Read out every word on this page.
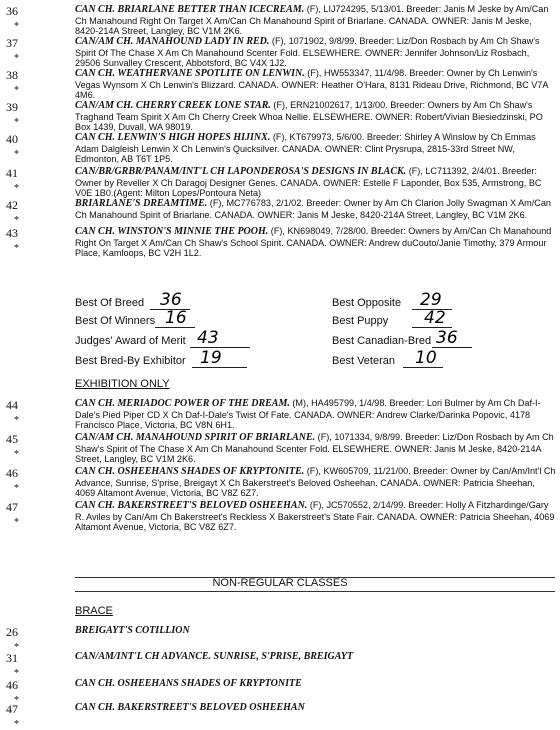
36
*
CAN CH. BRIARLANE BETTER THAN ICECREAM. (F), LIJ724295, 5/13/01. Breeder: Janis M Jeske by Am/Can Ch Manahound Right On Target X Am/Can Ch Manahound Spirit of Briarlane. CANADA. OWNER: Janis M Jeske, 8420-214A Street, Langley, BC V1M 2K6.
37
*
CAN/AM CH. MANAHOUND LADY IN RED. (F), 1071902, 9/8/99. Breeder: Liz/Don Rosbach by Am Ch Shaw's Spirit Of The Chase X Am Ch Manahound Scenter Fold. ELSEWHERE. OWNER: Jennifer Johnson/Liz Rosbach, 29506 Sunvalley Crescent, Abbotsford, BC V4X 1J2.
38
*
CAN CH. WEATHERVANE SPOTLITE ON LENWIN. (F), HW553347, 11/4/98. Breeder: Owner by Ch Lenwin's Vegas Wynsom X Ch Lenwin's Blizzard. CANADA. OWNER: Heather O'Hara, 8131 Rideau Drive, Richmond, BC V7A 4M6.
39
*
CAN/AM CH. CHERRY CREEK LONE STAR. (F), ERN21002617, 1/13/00. Breeder: Owners by Am Ch Shaw's Traghand Team Spirit X Am Ch Cherry Creek Whoa Nellie. ELSEWHERE. OWNER: Robert/Vivian Biesiedzinski, PO Box 1439, Duvall, WA 98019.
40
*
CAN CH. LENWIN'S HIGH HOPES HIJINX. (F), KT679973, 5/6/00. Breeder: Shirley A Winslow by Ch Emmas Adam Dalgleish Lenwin X Ch Lenwin's Quicksilver. CANADA. OWNER: Clint Prysrupa, 2815-33rd Street NW, Edmonton, AB T6T 1P5.
41
*
CAN/BR/GRBR/PANAM/INT'L CH LAPONDEROSA'S DESIGNS IN BLACK. (F), LC711392, 2/4/01. Breeder: Owner by Reveller X Ch Daragoj Designer Genes. CANADA. OWNER: Estelle F Laponder, Box 535, Armstrong, BC V0E 1B0.(Agent: Milton Lopes/Pontoura Neta)
42
*
BRIARLANE'S DREAMTIME. (F), MC776783, 2/1/02. Breeder: Owner by Am Ch Clarion Jolly Swagman X Am/Can Ch Manahound Spirit of Briarlane. CANADA. OWNER: Janis M Jeske, 8420-214A Street, Langley, BC V1M 2K6.
43
*
CAN CH. WINSTON'S MINNIE THE POOH. (F), KN698049, 7/28/00. Breeder: Owners by Am/Can Ch Manahound Right On Target X Am/Can Ch Shaw's School Spirit. CANADA. OWNER: Andrew duCouto/Janie Timothy, 379 Armour Place, Kamloops, BC V2H 1L2.
Best Of Breed 36	Best Opposite 29
Best Of Winners 16	Best Puppy 42
Judges' Award of Merit 43	Best Canadian-Bred 36
Best Bred-By Exhibitor 19	Best Veteran 10
EXHIBITION ONLY
44
*
CAN CH. MERIADOC POWER OF THE DREAM. (M), HA495799, 1/4/98. Breeder: Lori Bulmer by Am Ch Daf-I-Dale's Pied Piper CD X Ch Daf-I-Dale's Twist Of Fate. CANADA. OWNER: Andrew Clarke/Darinka Popovic, 4178 Francisco Place, Victoria, BC V8N 6H1.
45
*
CAN/AM CH. MANAHOUND SPIRIT OF BRIARLANE. (F), 1071334, 9/8/99. Breeder: Liz/Don Rosbach by Am Ch Shaw's Spirit of The Chase X Am Ch Manahound Scenter Fold. ELSEWHERE. OWNER: Janis M Jeske, 8420-214A Street, Langley, BC V1M 2K6.
46
*
CAN CH. OSHEEHANS SHADES OF KRYPTONITE. (F), KW605709, 11/21/00. Breeder: Owner by Can/Am/Int'l Ch Advance, Sunrise, S'prise, Breigayt X Ch Bakerstreet's Beloved Osheehan. CANADA. OWNER: Patricia Sheehan, 4069 Altamont Avenue, Victoria, BC V8Z 6Z7.
47
*
CAN CH. BAKERSTREET'S BELOVED OSHEEHAN. (F), JC570552, 2/14/99. Breeder: Holly A Fitzhardinge/Gary R. Aviles by Can/Am Ch Bakerstreet's Reckless X Bakerstreet's State Fair. CANADA. OWNER: Patricia Sheehan, 4069 Altamont Avenue, Victoria, BC V8Z 6Z7.
NON-REGULAR CLASSES
BRACE
26
*
BREIGAYT'S COTILLION
31
*
CAN/AM/INT'L CH ADVANCE. SUNRISE, S'PRISE, BREIGAYT
46
*
CAN CH. OSHEEHANS SHADES OF KRYPTONITE
47
*
CAN CH. BAKERSTREET'S BELOVED OSHEEHAN
